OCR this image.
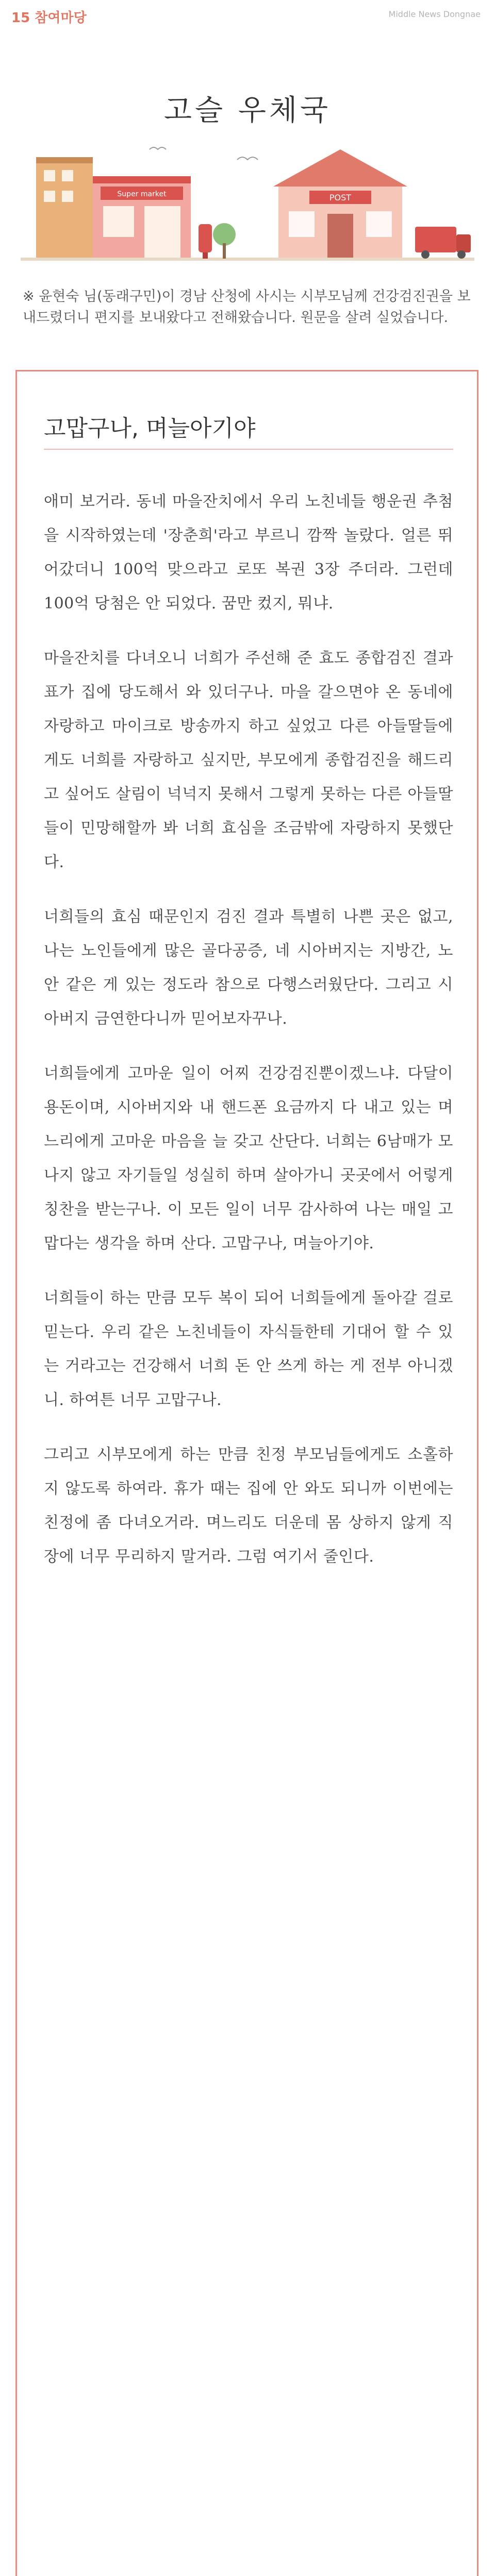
15 참여마당	Middle News Dongnae
고슬 우체국
Super market	POST
※ 윤현숙 님(동래구민)이 경남 산청에 사시는 시부모님께 건강검진권을 보내드렸더니 편지를 보내왔다고 전해왔습니다. 원문을 살려 실었습니다.
고맙구나, 며늘아기야

애미 보거라. 동네 마을잔치에서 우리 노친네들 행운권 추첨을 시작하였는데 '장춘희'라고 부르니 깜짝 놀랐다. 얼른 뛰어갔더니 100억 맞으라고 로또 복권 3장 주더라. 그런데 100억 당첨은 안 되었다. 꿈만 컸지, 뭐냐.

마을잔치를 다녀오니 너희가 주선해 준 효도 종합검진 결과표가 집에 당도해서 와 있더구나. 마을 갈으면야 온 동네에 자랑하고 마이크로 방송까지 하고 싶었고 다른 아들딸들에게도 너희를 자랑하고 싶지만, 부모에게 종합검진을 해드리고 싶어도 살림이 넉넉지 못해서 그렇게 못하는 다른 아들딸들이 민망해할까 봐 너희 효심을 조금밖에 자랑하지 못했단다.

너희들의 효심 때문인지 검진 결과 특별히 나쁜 곳은 없고, 나는 노인들에게 많은 골다공증, 네 시아버지는 지방간, 노안 같은 게 있는 정도라 참으로 다행스러웠단다. 그리고 시아버지 금연한다니까 믿어보자꾸나.

너희들에게 고마운 일이 어찌 건강검진뿐이겠느냐. 다달이 용돈이며, 시아버지와 내 핸드폰 요금까지 다 내고 있는 며느리에게 고마운 마음을 늘 갖고 산단다. 너희는 6남매가 모나지 않고 자기들일 성실히 하며 살아가니 곳곳에서 어렇게 칭찬을 받는구나. 이 모든 일이 너무 감사하여 나는 매일 고맙다는 생각을 하며 산다. 고맙구나, 며늘아기야.

너희들이 하는 만큼 모두 복이 되어 너희들에게 돌아갈 걸로 믿는다. 우리 같은 노친네들이 자식들한테 기대어 할 수 있는 거라고는 건강해서 너희 돈 안 쓰게 하는 게 전부 아니겠니. 하여튼 너무 고맙구나.

그리고 시부모에게 하는 만큼 친정 부모님들에게도 소홀하지 않도록 하여라. 휴가 때는 집에 안 와도 되니까 이번에는 친정에 좀 다녀오거라. 며느리도 더운데 몸 상하지 않게 직장에 너무 무리하지 말거라. 그럼 여기서 줄인다.
